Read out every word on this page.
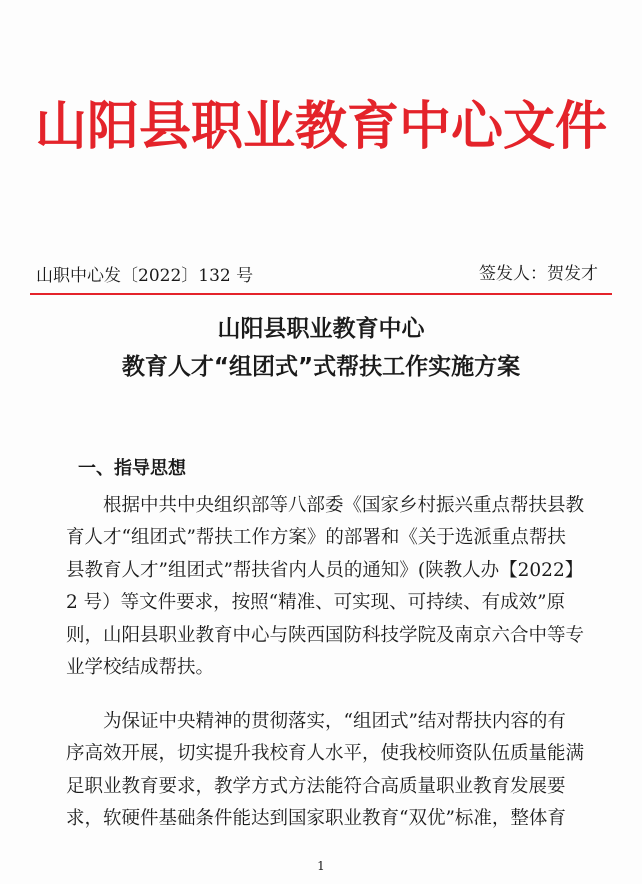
山阳县职业教育中心文件
山职中心发〔2022〕132 号	签发人：贺发才
山阳县职业教育中心
教育人才“组团式”式帮扶工作实施方案
一、指导思想
　　根据中共中央组织部等八部委《国家乡村振兴重点帮扶县教
育人才“组团式”帮扶工作方案》的部署和《关于选派重点帮扶
县教育人才”组团式”帮扶省内人员的通知》(陕教人办【2022】
2 号）等文件要求，按照“精准、可实现、可持续、有成效”原
则，山阳县职业教育中心与陕西国防科技学院及南京六合中等专
业学校结成帮扶。
　　为保证中央精神的贯彻落实，“组团式”结对帮扶内容的有
序高效开展，切实提升我校育人水平，使我校师资队伍质量能满
足职业教育要求，教学方式方法能符合高质量职业教育发展要
求，软硬件基础条件能达到国家职业教育“双优”标准，整体育
1
